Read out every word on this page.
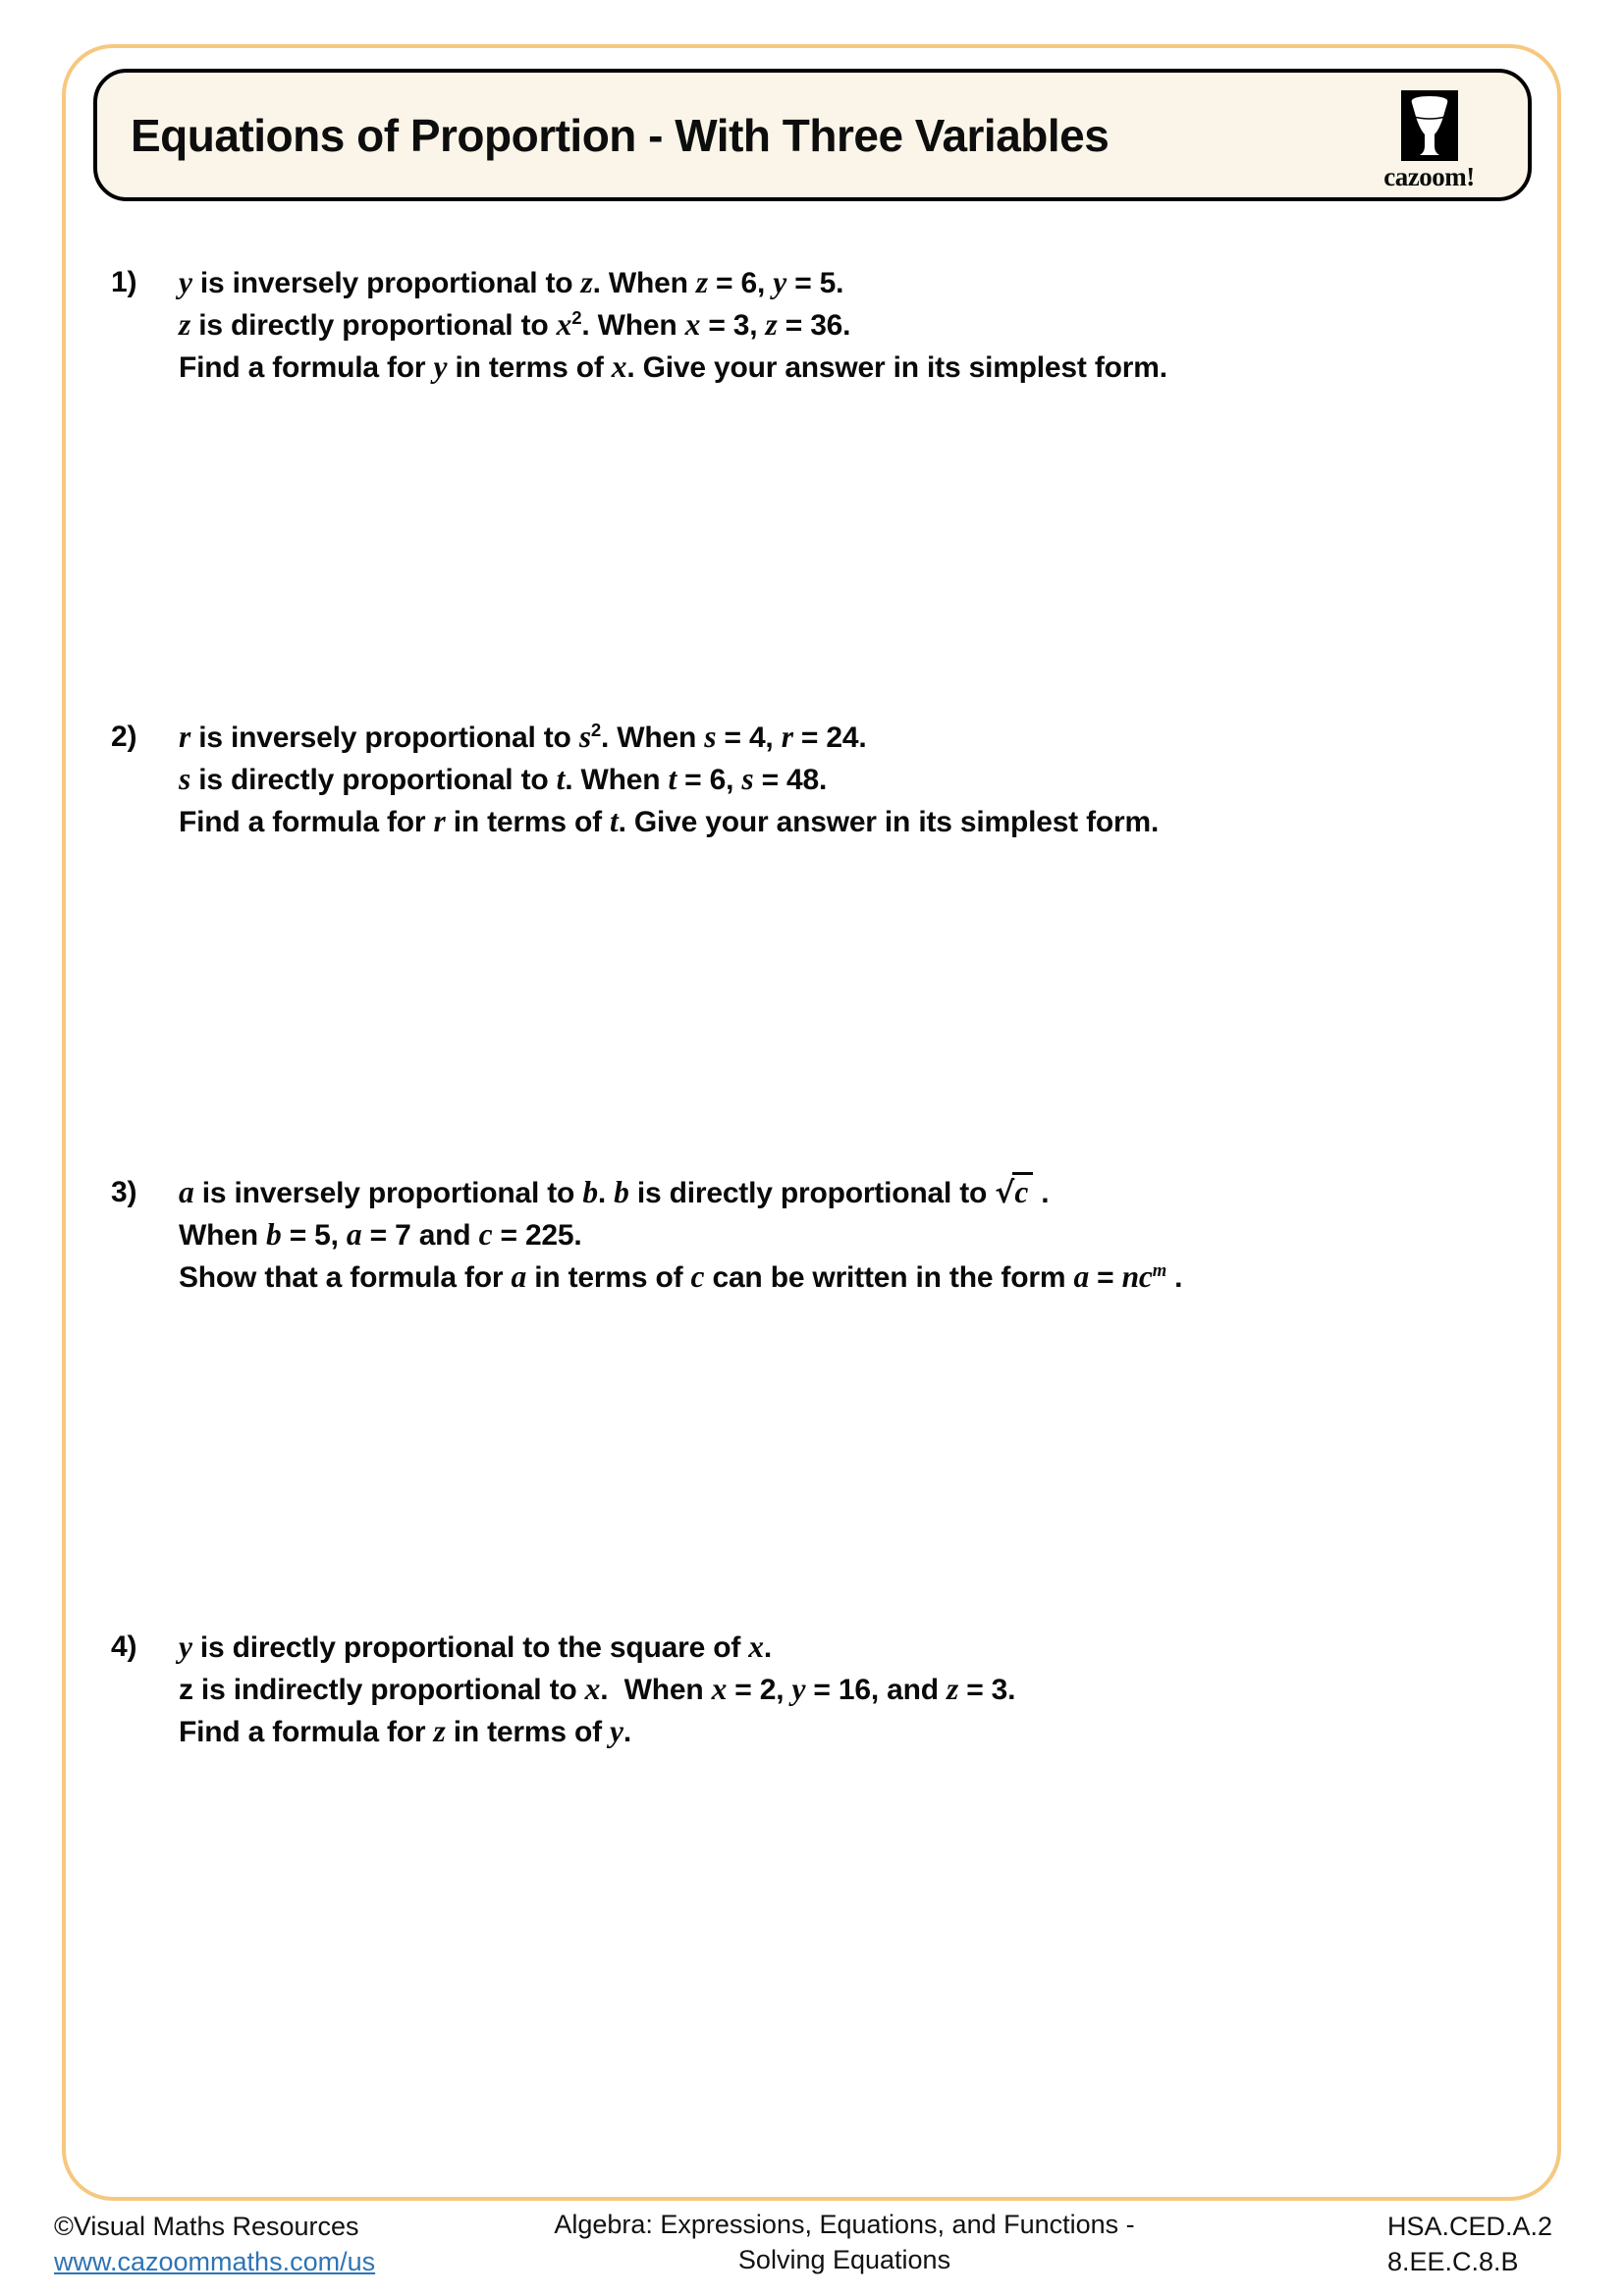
Equations of Proportion - With Three Variables
cazoom!
1)	y is inversely proportional to z. When z = 6, y = 5.
z is directly proportional to $x^2$. When x = 3, z = 36.
Find a formula for y in terms of x. Give your answer in its simplest form.
2)	r is inversely proportional to $s^2$. When s = 4, r = 24.
s is directly proportional to t. When t = 6, s = 48.
Find a formula for r in terms of t. Give your answer in its simplest form.
3)	a is inversely proportional to b. b is directly proportional to √c .
When b = 5, a = 7 and c = 225.
Show that a formula for a in terms of c can be written in the form $a = nc^m$ .
4)	y is directly proportional to the square of x.
z is indirectly proportional to x.  When x = 2, y = 16, and z = 3.
Find a formula for z in terms of y.
©Visual Maths Resources
www.cazoommaths.com/us
Algebra: Expressions, Equations, and Functions -
Solving Equations
HSA.CED.A.2
8.EE.C.8.B
